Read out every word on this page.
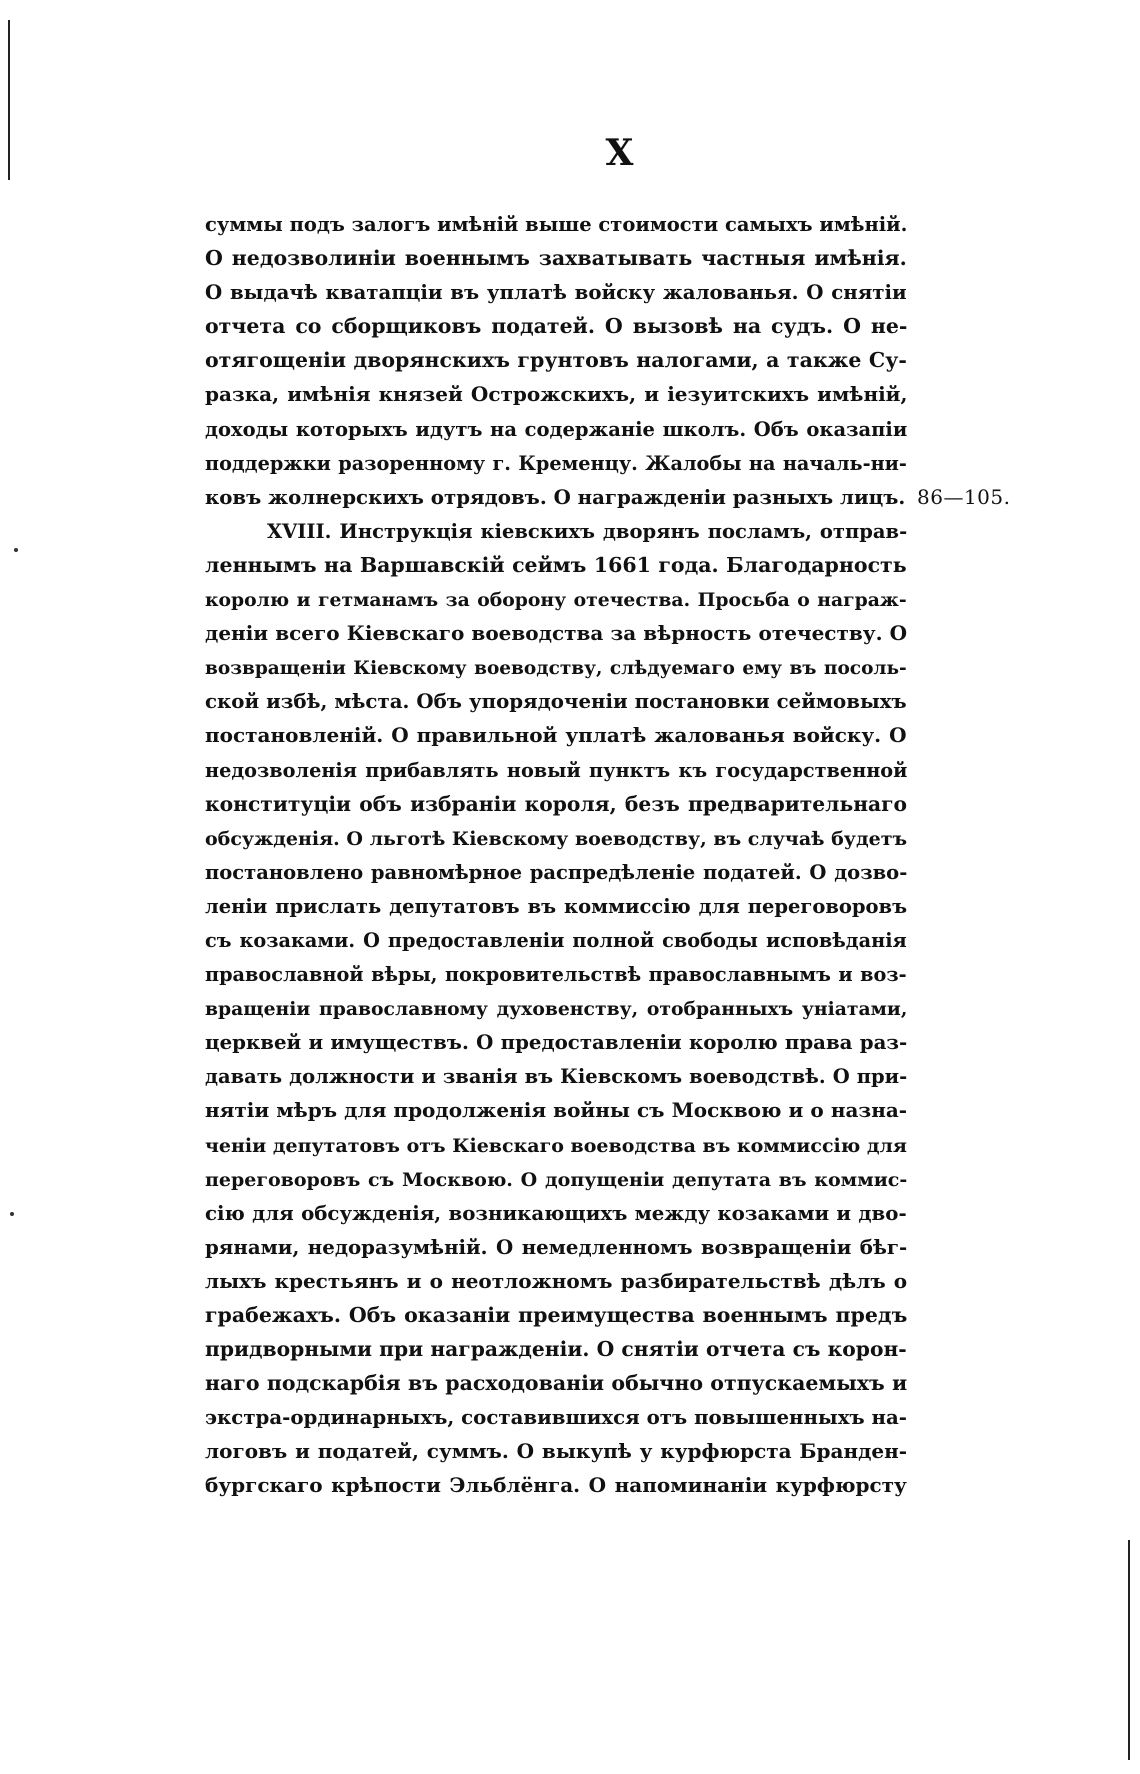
X
суммы подъ залогъ имѣній выше стоимости самыхъ имѣній.
О недозволиніи военнымъ захватывать частныя имѣнія.
О выдачѣ кватапціи въ уплатѣ войску жалованья. О снятіи
отчета со сборщиковъ податей. О вызовѣ на судъ. О не-
отягощеніи дворянскихъ грунтовъ налогами, а также Су-
разка, имѣнія князей Острожскихъ, и іезуитскихъ имѣній,
доходы которыхъ идутъ на содержаніе школъ. Объ оказапіи
поддержки разоренному г. Кременцу. Жалобы на началь-ни-
ковъ жолнерскихъ отрядовъ. О награжденіи разныхъ лицъ. 86—105.
XVIII. Инструкція кіевскихъ дворянъ посламъ, отправ-
леннымъ на Варшавскій сеймъ 1661 года. Благодарность
королю и гетманамъ за оборону отечества. Просьба о награж-
деніи всего Кіевскаго воеводства за вѣрность отечеству. О
возвращеніи Кіевскому воеводству, слѣдуемаго ему въ посоль-
ской избѣ, мѣста. Объ упорядоченіи постановки сеймовыхъ
постановленій. О правильной уплатѣ жалованья войску. О
недозволенія прибавлять новый пунктъ къ государственной
конституціи объ избраніи короля, безъ предварительнаго
обсужденія. О льготѣ Кіевскому воеводству, въ случаѣ будетъ
постановлено равномѣрное распредѣленіе податей. О дозво-
леніи прислать депутатовъ въ коммиссію для переговоровъ
съ козаками. О предоставленіи полной свободы исповѣданія
православной вѣры, покровительствѣ православнымъ и воз-
вращеніи православному духовенству, отобранныхъ уніатами,
церквей и имуществъ. О предоставленіи королю права раз-
давать должности и званія въ Кіевскомъ воеводствѣ. О при-
нятіи мѣръ для продолженія войны съ Москвою и о назна-
ченіи депутатовъ отъ Кіевскаго воеводства въ коммиссію для
переговоровъ съ Москвою. О допущеніи депутата въ коммис-
сію для обсужденія, возникающихъ между козаками и дво-
рянами, недоразумѣній. О немедленномъ возвращеніи бѣг-
лыхъ крестьянъ и о неотложномъ разбирательствѣ дѣлъ о
грабежахъ. Объ оказаніи преимущества военнымъ предъ
придворными при награжденіи. О снятіи отчета съ корон-
наго подскарбія въ расходованіи обычно отпускаемыхъ и
экстра-ординарныхъ, составившихся отъ повышенныхъ на-
логовъ и податей, суммъ. О выкупѣ у курфюрста Бранден-
бургскаго крѣпости Эльблёнга. О напоминаніи курфюрсту
